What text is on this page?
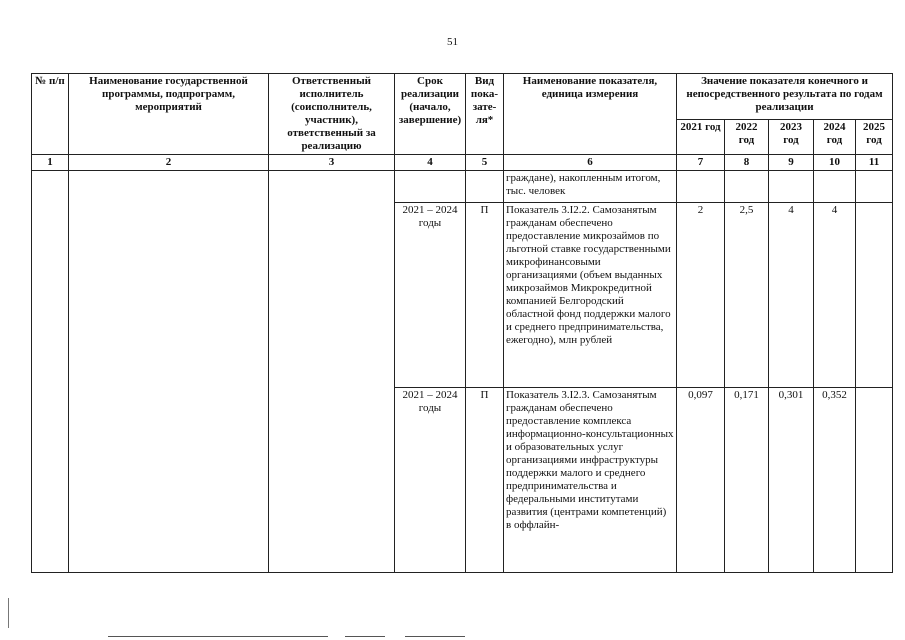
51
№ п/п	Наименование государственной программы, подпрограмм, мероприятий	Ответственный исполнитель (соисполнитель, участник), ответственный за реализацию	Срок реализации (начало, завершение)	Вид пока-зате-ля*	Наименование показателя, единица измерения	Значение показателя конечного и непосредственного результата по годам реализации				
						2021 год	2022 год	2023 год	2024 год	2025 год
1	2	3	4	5	6	7	8	9	10	11
					граждане), накопленным итогом, тыс. человек					
			2021 – 2024 годы	П	Показатель 3.I2.2. Самозанятым гражданам обеспечено предоставление микрозаймов по льготной ставке государственными микрофинансовыми организациями (объем выданных микрозаймов Микрокредитной компанией Белгородский областной фонд поддержки малого и среднего предпринимательства, ежегодно), млн рублей	2	2,5	4	4	
			2021 – 2024 годы	П	Показатель 3.I2.3. Самозанятым гражданам обеспечено предоставление комплекса информационно-консультационных и образовательных услуг организациями инфраструктуры поддержки малого и среднего предпринимательства и федеральными институтами развития (центрами компетенций) в оффлайн-	0,097	0,171	0,301	0,352	
